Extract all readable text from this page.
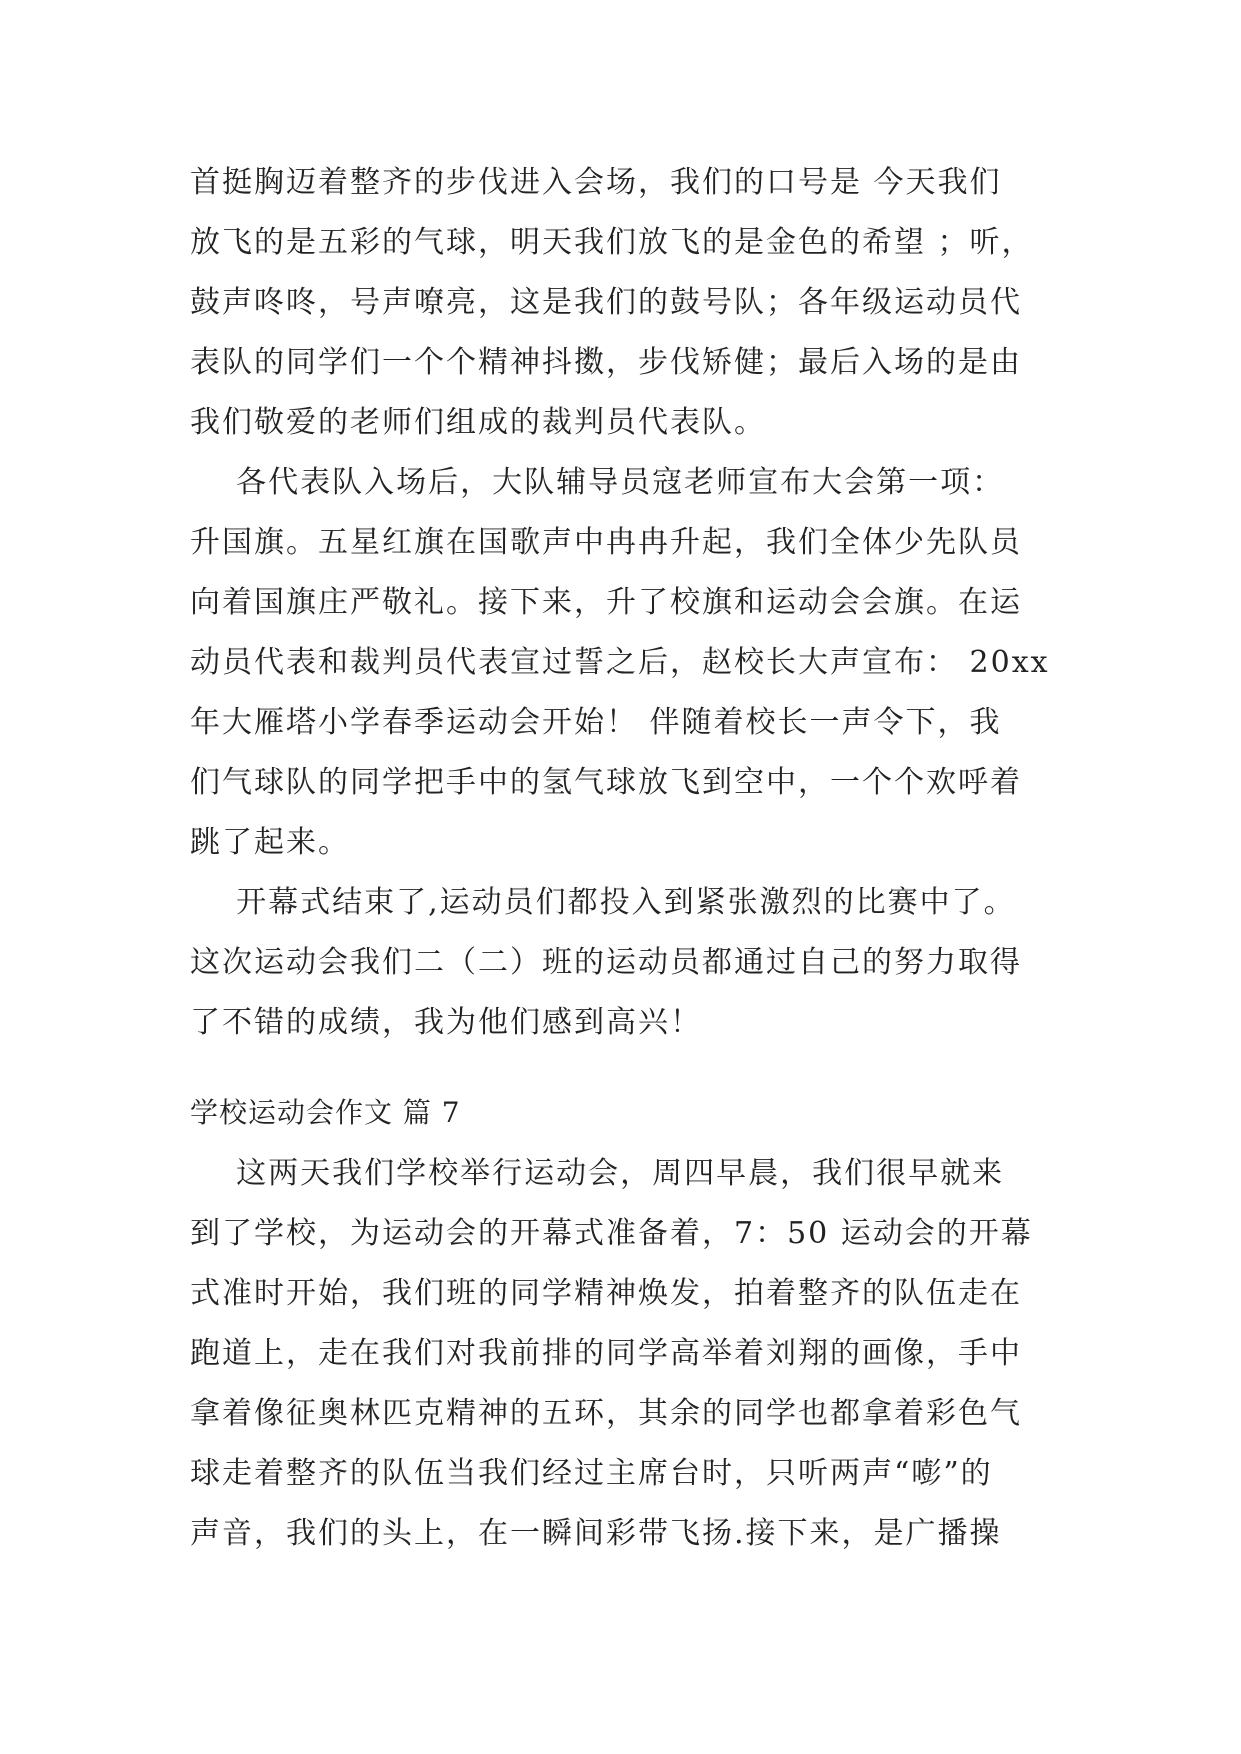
首挺胸迈着整齐的步伐进入会场，我们的口号是 今天我们
放飞的是五彩的气球，明天我们放飞的是金色的希望 ；听，
鼓声咚咚，号声嘹亮，这是我们的鼓号队；各年级运动员代
表队的同学们一个个精神抖擞，步伐矫健；最后入场的是由
我们敬爱的老师们组成的裁判员代表队。
各代表队入场后，大队辅导员寇老师宣布大会第一项：
升国旗。五星红旗在国歌声中冉冉升起，我们全体少先队员
向着国旗庄严敬礼。接下来，升了校旗和运动会会旗。在运
动员代表和裁判员代表宣过誓之后，赵校长大声宣布： 20xx
年大雁塔小学春季运动会开始！ 伴随着校长一声令下，我
们气球队的同学把手中的氢气球放飞到空中，一个个欢呼着
跳了起来。
开幕式结束了,运动员们都投入到紧张激烈的比赛中了。
这次运动会我们二（二）班的运动员都通过自己的努力取得
了不错的成绩，我为他们感到高兴！
学校运动会作文 篇 7
这两天我们学校举行运动会，周四早晨，我们很早就来
到了学校，为运动会的开幕式准备着，7：50 运动会的开幕
式准时开始，我们班的同学精神焕发，拍着整齐的队伍走在
跑道上，走在我们对我前排的同学高举着刘翔的画像，手中
拿着像征奥林匹克精神的五环，其余的同学也都拿着彩色气
球走着整齐的队伍当我们经过主席台时，只听两声“嘭”的
声音，我们的头上，在一瞬间彩带飞扬.接下来，是广播操
